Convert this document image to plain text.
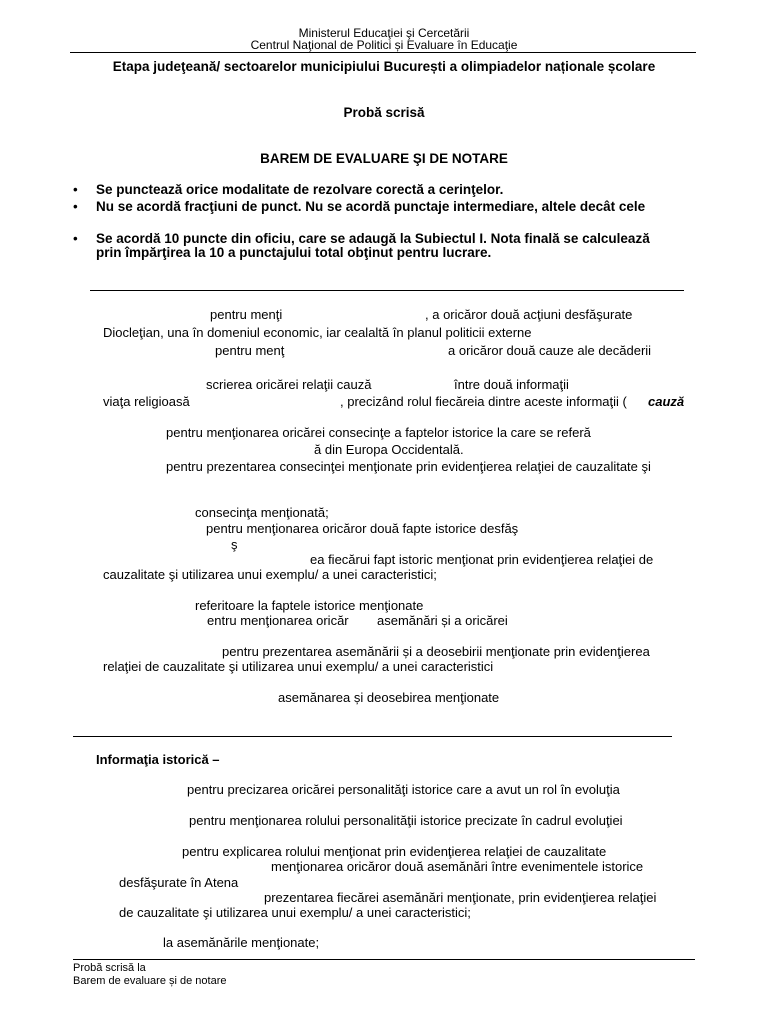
Ministerul Educaţiei şi Cercetării
Centrul Naţional de Politici și Evaluare în Educaţie
Etapa judeţeană/ sectoarelor municipiului București a olimpiadelor naționale școlare
Probă scrisă
BAREM DE EVALUARE ŞI DE NOTARE
• Se punctează orice modalitate de rezolvare corectă a cerinţelor.
• Nu se acordă fracţiuni de punct. Nu se acordă punctaje intermediare, altele decât cele
• Se acordă 10 puncte din oficiu, care se adaugă la Subiectul I. Nota finală se calculează
prin împărţirea la 10 a punctajului total obţinut pentru lucrare.
pentru menţi	, a oricăror două acţiuni desfăşurate
Diocleţian, una în domeniul economic, iar cealaltă în planul politicii externe
pentru menţ	a oricăror două cauze ale decăderii
scrierea oricărei relaţii cauză	între două informaţii
viaţa religioasă	, precizând rolul fiecăreia dintre aceste informaţii ( cauză
pentru menţionarea oricărei consecinţe a faptelor istorice la care se referă
ă din Europa Occidentală.
pentru prezentarea consecinţei menţionate prin evidenţierea relaţiei de cauzalitate şi
consecinţa menţionată;
pentru menţionarea oricăror două fapte istorice desfăş
ş
ea fiecărui fapt istoric menţionat prin evidenţierea relaţiei de
cauzalitate şi utilizarea unui exemplu/ a unei caracteristici;
referitoare la faptele istorice menţionate
entru menţionarea oricăr asemănări și a oricărei
pentru prezentarea asemănării și a deosebirii menţionate prin evidenţierea
relaţiei de cauzalitate şi utilizarea unui exemplu/ a unei caracteristici
asemănarea și deosebirea menţionate
Informaţia istorică –
pentru precizarea oricărei personalităţi istorice care a avut un rol în evoluţia
pentru menţionarea rolului personalităţii istorice precizate în cadrul evoluţiei
pentru explicarea rolului menţionat prin evidenţierea relaţiei de cauzalitate
menţionarea oricăror două asemănări între evenimentele istorice
desfăşurate în Atena
prezentarea fiecărei asemănări menţionate, prin evidenţierea relaţiei
de cauzalitate şi utilizarea unui exemplu/ a unei caracteristici;
la asemănările menţionate;
Probă scrisă la
Barem de evaluare și de notare
